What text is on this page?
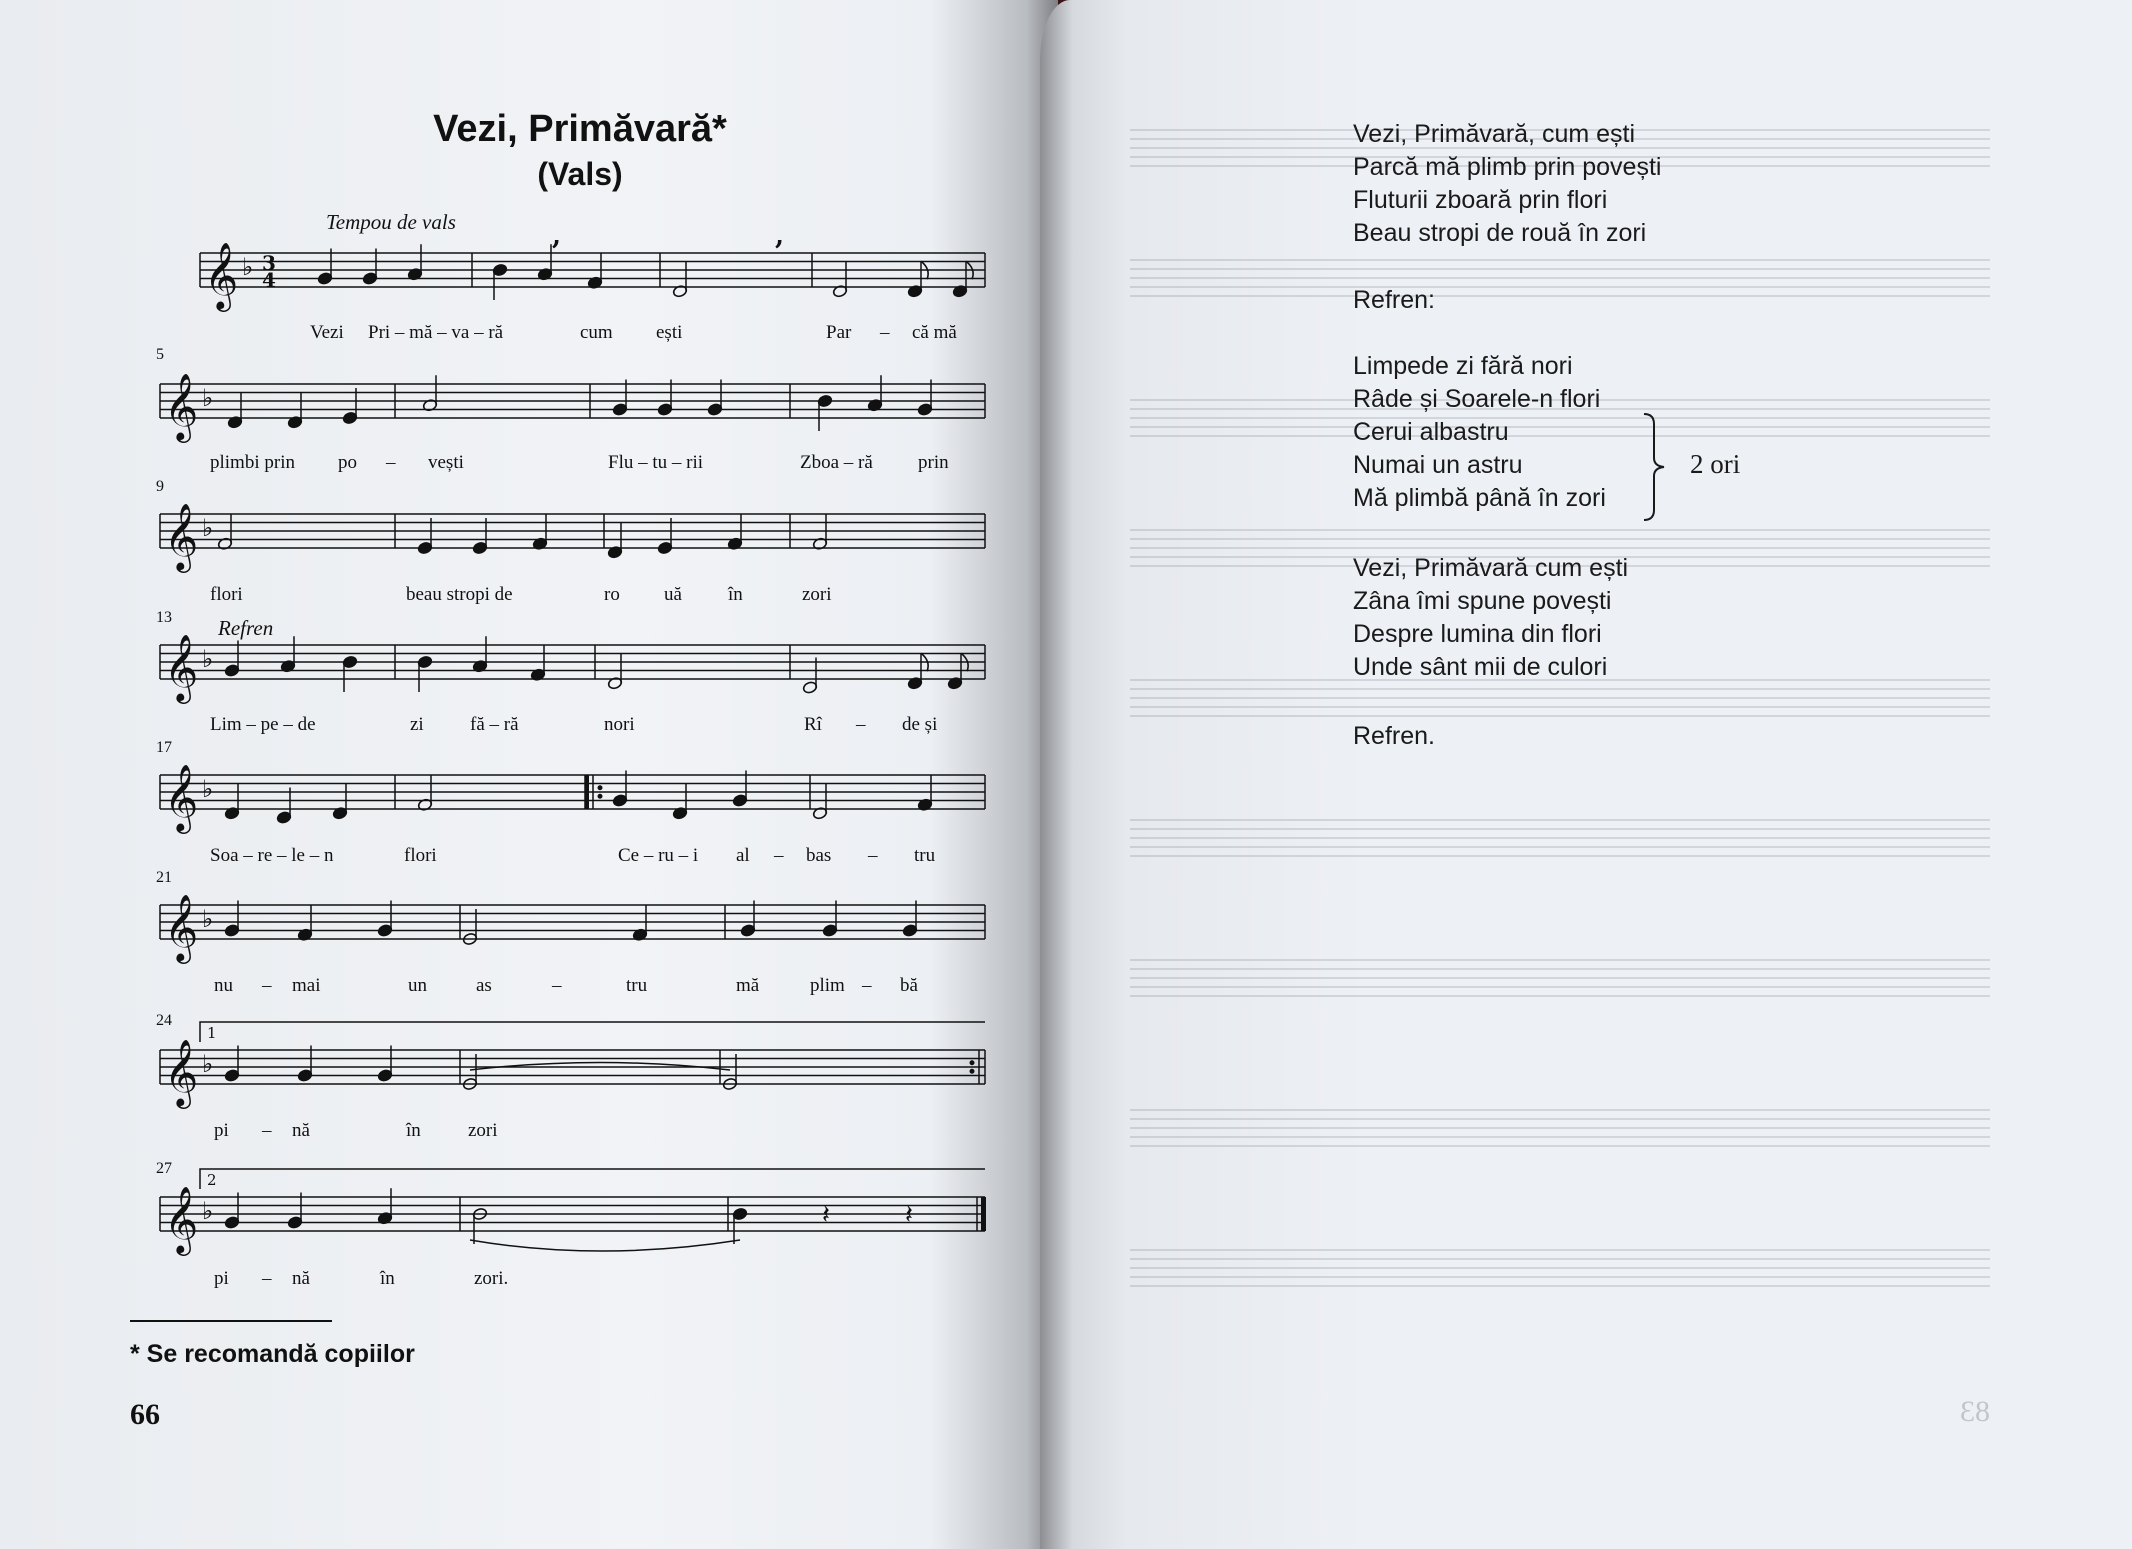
83
Vezi, Primăvară*
(Vals)
Tempou de vals
𝄞 ♭ 3
4
𝄞 ♭
𝄞 ♭
𝄞 ♭
𝄞 ♭
𝄞 ♭
𝄞 ♭
𝄞 ♭	𝄽	𝄽
1
2
,	,
Refren
5
9
13
17
21
24
27
Vezi Pri – mă – va – ră	cum ești	Par – că mă
plimbi prin po – vești	Flu – tu – rii	Zboa – ră prin
flori	beau stropi de	ro uă în	zori
Lim – pe – de	zi fă – ră	nori	Rî – de și
Soa – re – le – n	flori	Ce – ru – i al – bas – tru
nu – mai	un	as	–	tru	mă	plim – bă
pi – nă	în zori
pi – nă	în	zori.
* Se recomandă copiilor
66
Vezi, Primăvară, cum ești
Parcă mă plimb prin povești
Fluturii zboară prin flori
Beau stropi de rouă în zori
Refren:
Limpede zi fără nori
Râde și Soarele-n flori
Cerui albastru
Numai un astru
Mă plimbă până în zori
2 ori
Vezi, Primăvară cum ești
Zâna îmi spune povești
Despre lumina din flori
Unde sânt mii de culori
Refren.
